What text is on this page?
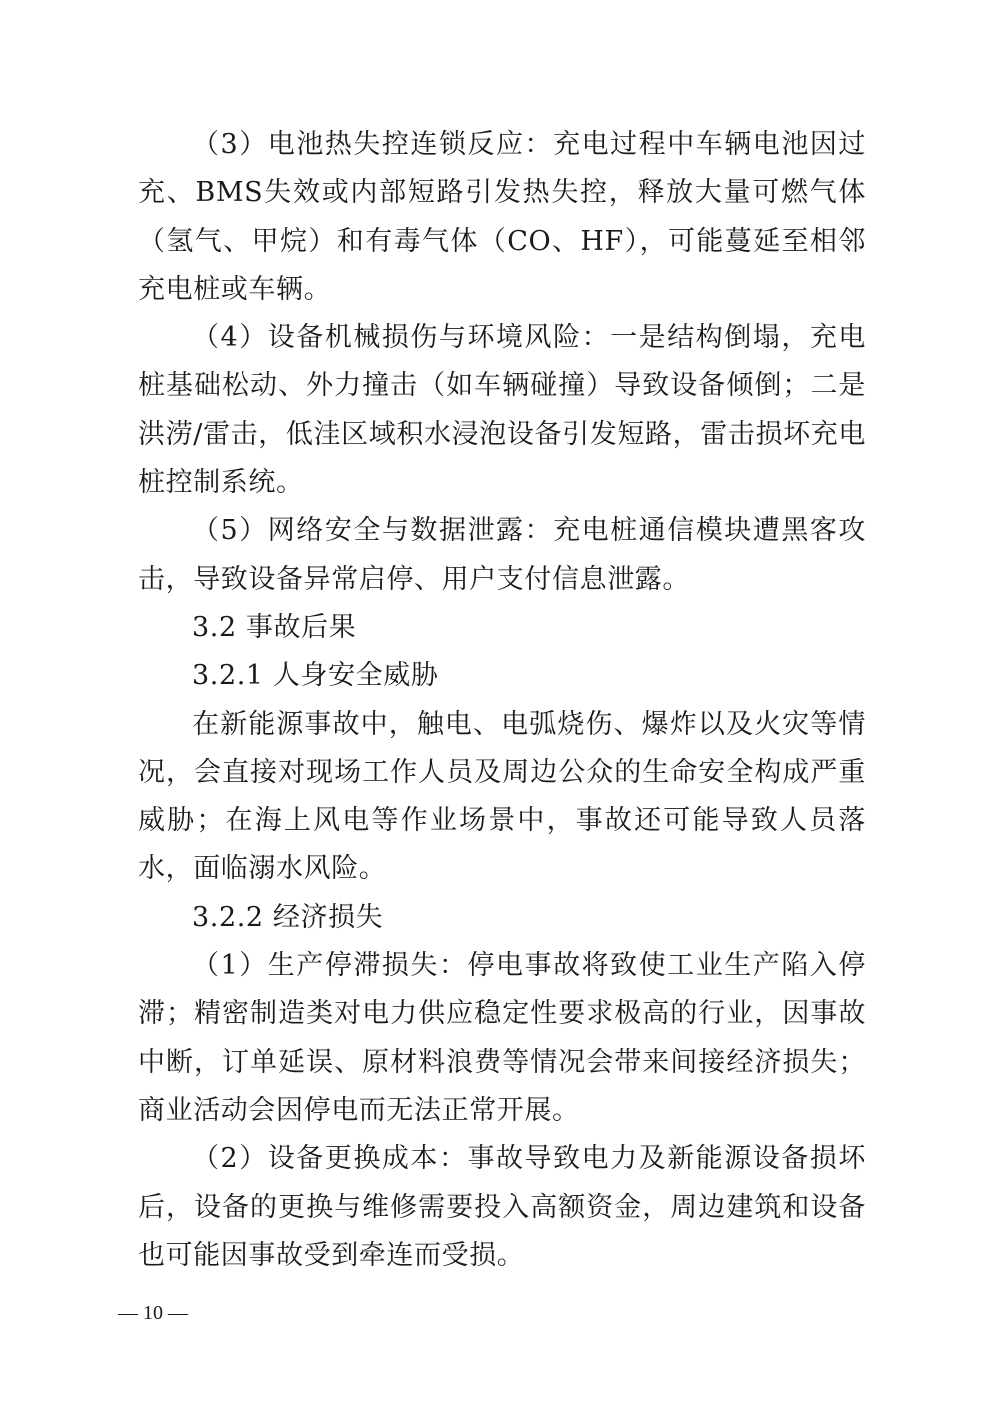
（3）电池热失控连锁反应：充电过程中车辆电池因过充、BMS失效或内部短路引发热失控，释放大量可燃气体（氢气、甲烷）和有毒气体（CO、HF），可能蔓延至相邻充电桩或车辆。

（4）设备机械损伤与环境风险：一是结构倒塌，充电桩基础松动、外力撞击（如车辆碰撞）导致设备倾倒；二是洪涝/雷击，低洼区域积水浸泡设备引发短路，雷击损坏充电桩控制系统。

（5）网络安全与数据泄露：充电桩通信模块遭黑客攻击，导致设备异常启停、用户支付信息泄露。

3.2 事故后果

3.2.1 人身安全威胁

在新能源事故中，触电、电弧烧伤、爆炸以及火灾等情况，会直接对现场工作人员及周边公众的生命安全构成严重威胁；在海上风电等作业场景中，事故还可能导致人员落水，面临溺水风险。

3.2.2 经济损失

（1）生产停滞损失：停电事故将致使工业生产陷入停滞；精密制造类对电力供应稳定性要求极高的行业，因事故中断，订单延误、原材料浪费等情况会带来间接经济损失；商业活动会因停电而无法正常开展。

（2）设备更换成本：事故导致电力及新能源设备损坏后，设备的更换与维修需要投入高额资金，周边建筑和设备也可能因事故受到牵连而受损。

— 10 —
